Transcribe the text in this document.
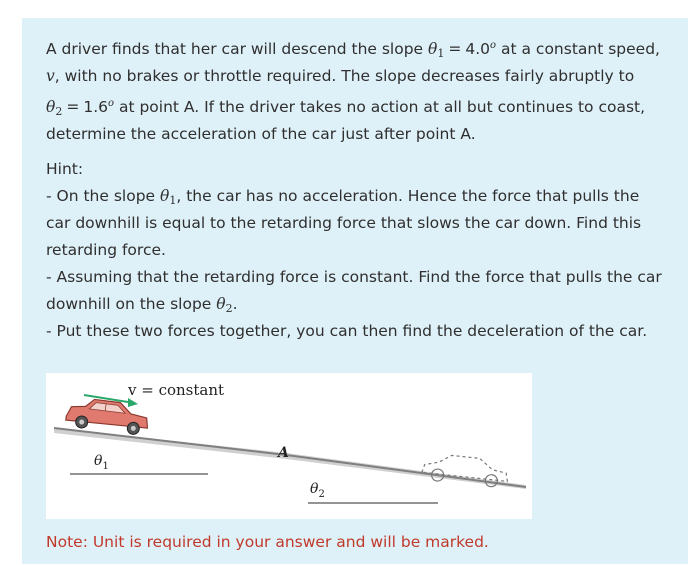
A driver finds that her car will descend the slope $\theta_1 = 4.0^o$ at a constant speed, v, with no brakes or throttle required. The slope decreases fairly abruptly to $\theta_2 = 1.6^o$ at point A. If the driver takes no action at all but continues to coast, determine the acceleration of the car just after point A.

Hint:

- On the slope $\theta_1$, the car has no acceleration. Hence the force that pulls the car downhill is equal to the retarding force that slows the car down. Find this retarding force.

- Assuming that the retarding force is constant. Find the force that pulls the car downhill on the slope $\theta_2$.

- Put these two forces together, you can then find the deceleration of the car.

$\theta_1$
$\theta_2$
A
v = constant
Note: Unit is required in your answer and will be marked.
